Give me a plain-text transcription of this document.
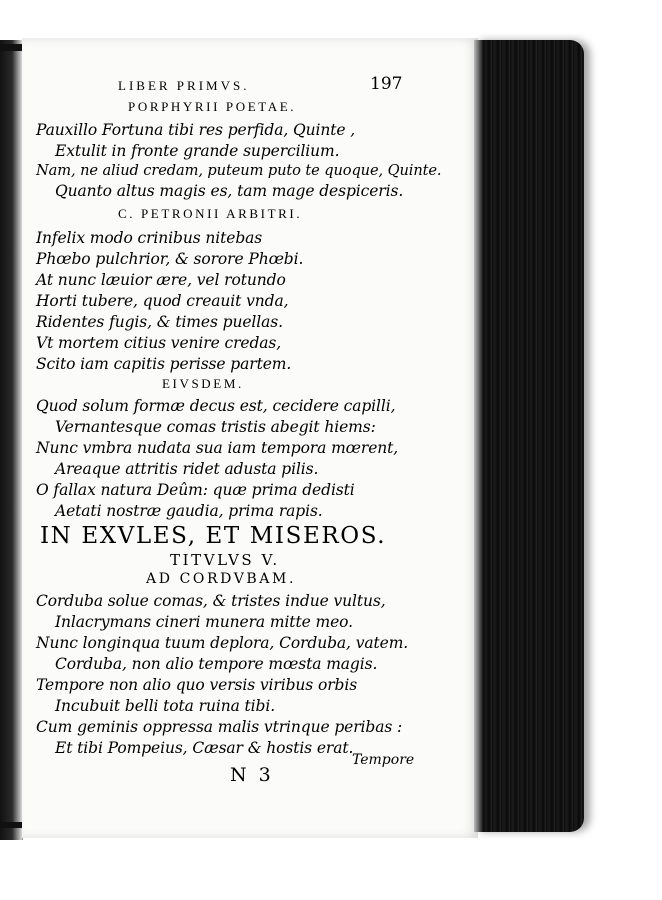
LIBER PRIMVS.	197
PORPHYRII POETAE.
Pauxillo Fortuna tibi res perfida, Quinte ,
Extulit in fronte grande supercilium.
Nam, ne aliud credam, puteum puto te quoque, Quinte.
Quanto altus magis es, tam mage despiceris.
C. PETRONII ARBITRI.
Infelix modo crinibus nitebas
Phœbo pulchrior, & sorore Phœbi.
At nunc læuior ære, vel rotundo
Horti tubere, quod creauit vnda,
Ridentes fugis, & times puellas.
Vt mortem citius venire credas,
Scito iam capitis perisse partem.
EIVSDEM.
Quod solum formæ decus est, cecidere capilli,
Vernantesque comas tristis abegit hiems:
Nunc vmbra nudata sua iam tempora mœrent,
Areaque attritis ridet adusta pilis.
O fallax natura Deûm: quæ prima dedisti
Aetati nostræ gaudia, prima rapis.
IN EXVLES, ET MISEROS.
TITVLVS V.
AD CORDVBAM.
Corduba solue comas, & tristes indue vultus,
Inlacrymans cineri munera mitte meo.
Nunc longinqua tuum deplora, Corduba, vatem.
Corduba, non alio tempore mœsta magis.
Tempore non alio quo versis viribus orbis
Incubuit belli tota ruina tibi.
Cum geminis oppressa malis vtrinque peribas :
Et tibi Pompeius, Cæsar & hostis erat.
N 3
Tempore
